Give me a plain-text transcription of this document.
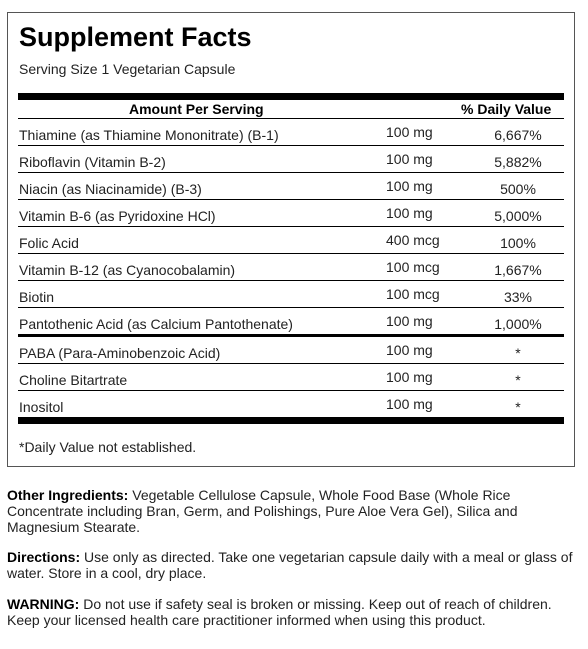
Supplement Facts
Serving Size 1 Vegetarian Capsule
Amount Per Serving	% Daily Value
Thiamine (as Thiamine Mononitrate) (B-1)	100 mg	6,667%
Riboflavin (Vitamin B-2)	100 mg	5,882%
Niacin (as Niacinamide) (B-3)	100 mg	500%
Vitamin B-6 (as Pyridoxine HCl)	100 mg	5,000%
Folic Acid	400 mcg	100%
Vitamin B-12 (as Cyanocobalamin)	100 mcg	1,667%
Biotin	100 mcg	33%
Pantothenic Acid (as Calcium Pantothenate)	100 mg	1,000%
PABA (Para-Aminobenzoic Acid)	100 mg	*
Choline Bitartrate	100 mg	*
Inositol	100 mg	*
*Daily Value not established.
Other Ingredients: Vegetable Cellulose Capsule, Whole Food Base (Whole Rice Concentrate including Bran, Germ, and Polishings, Pure Aloe Vera Gel), Silica and Magnesium Stearate.
Directions: Use only as directed. Take one vegetarian capsule daily with a meal or glass of water. Store in a cool, dry place.
WARNING: Do not use if safety seal is broken or missing. Keep out of reach of children. Keep your licensed health care practitioner informed when using this product.
